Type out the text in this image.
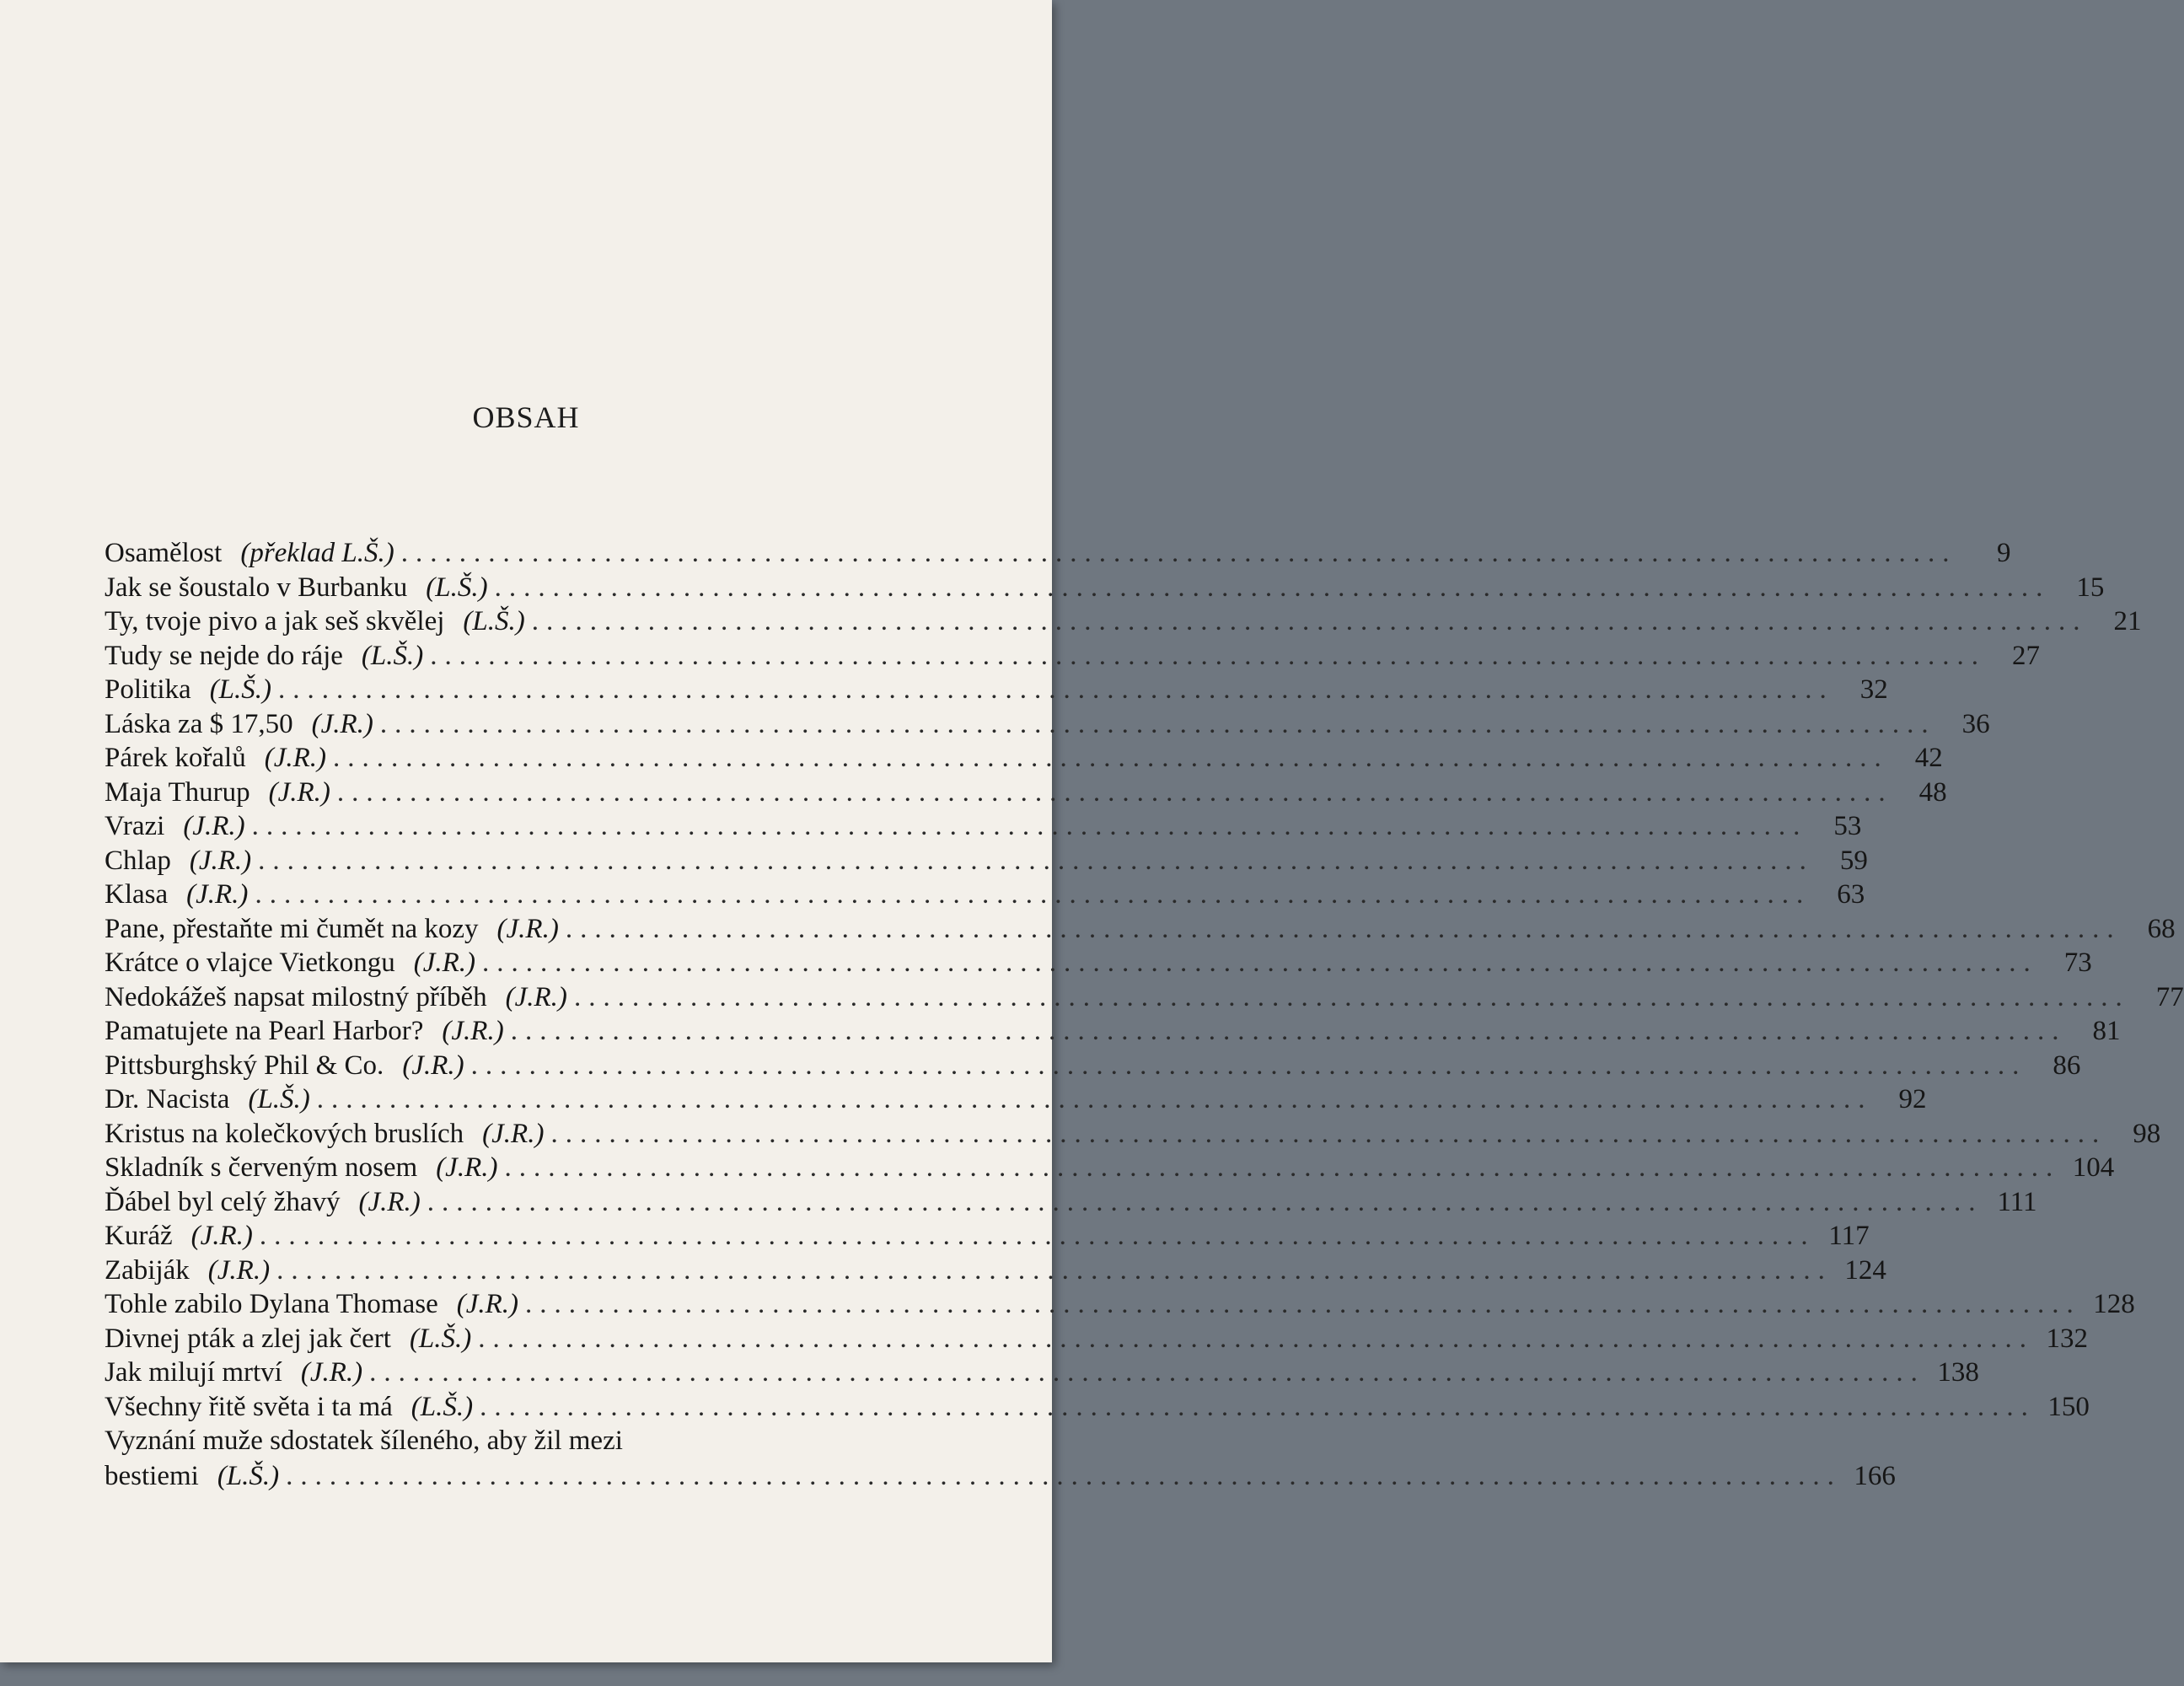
OBSAH
Osamělost (překlad L.Š.) ...........................................................................................................	9
Jak se šoustalo v Burbanku (L.Š.) ........................................................................................................... 15
Ty, tvoje pivo a jak seš skvělej (L.Š.) ........................................................................................................... 21
Tudy se nejde do ráje (L.Š.) ........................................................................................................... 27
Politika (L.Š.) ........................................................................................................... 32
Láska za $ 17,50 (J.R.) ........................................................................................................... 36
Párek kořalů (J.R.) ........................................................................................................... 42
Maja Thurup (J.R.) ........................................................................................................... 48
Vrazi (J.R.) ........................................................................................................... 53
Chlap (J.R.) ........................................................................................................... 59
Klasa (J.R.) ........................................................................................................... 63
Pane, přestaňte mi čumět na kozy (J.R.) ........................................................................................................... 68
Krátce o vlajce Vietkongu (J.R.) ........................................................................................................... 73
Nedokážeš napsat milostný příběh (J.R.) ........................................................................................................... 77
Pamatujete na Pearl Harbor? (J.R.) ........................................................................................................... 81
Pittsburghský Phil & Co. (J.R.) ........................................................................................................... 86
Dr. Nacista (L.Š.) ........................................................................................................... 92
Kristus na kolečkových bruslích (J.R.) ........................................................................................................... 98
Skladník s červeným nosem (J.R.) ........................................................................................................... 104
Ďábel byl celý žhavý (J.R.) ........................................................................................................... 111
Kuráž (J.R.) ........................................................................................................... 117
Zabiják (J.R.) ........................................................................................................... 124
Tohle zabilo Dylana Thomase (J.R.) ........................................................................................................... 128
Divnej pták a zlej jak čert (L.Š.) ........................................................................................................... 132
Jak milují mrtví (J.R.) ........................................................................................................... 138
Všechny řitě světa i ta má (L.Š.) ........................................................................................................... 150
Vyznání muže sdostatek šíleného, aby žil mezi
bestiemi (L.Š.) ........................................................................................................... 166
